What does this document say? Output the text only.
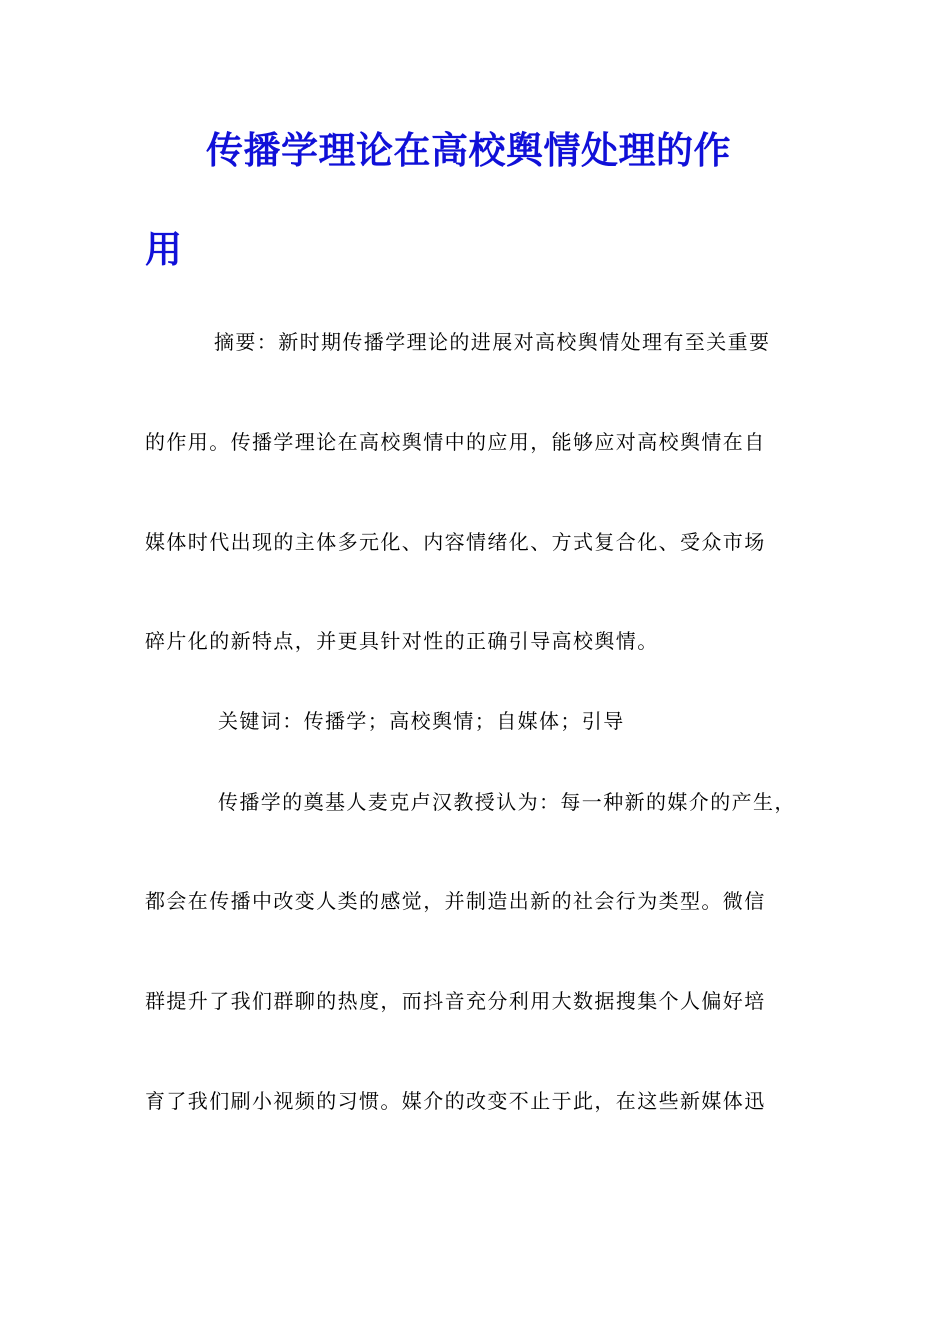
传播学理论在高校舆情处理的作
用
摘要：新时期传播学理论的进展对高校舆情处理有至关重要
的作用。传播学理论在高校舆情中的应用，能够应对高校舆情在自
媒体时代出现的主体多元化、内容情绪化、方式复合化、受众市场
碎片化的新特点，并更具针对性的正确引导高校舆情。
关键词：传播学；高校舆情；自媒体；引导
传播学的奠基人麦克卢汉教授认为：每一种新的媒介的产生，
都会在传播中改变人类的感觉，并制造出新的社会行为类型。微信
群提升了我们群聊的热度，而抖音充分利用大数据搜集个人偏好培
育了我们刷小视频的习惯。媒介的改变不止于此，在这些新媒体迅
